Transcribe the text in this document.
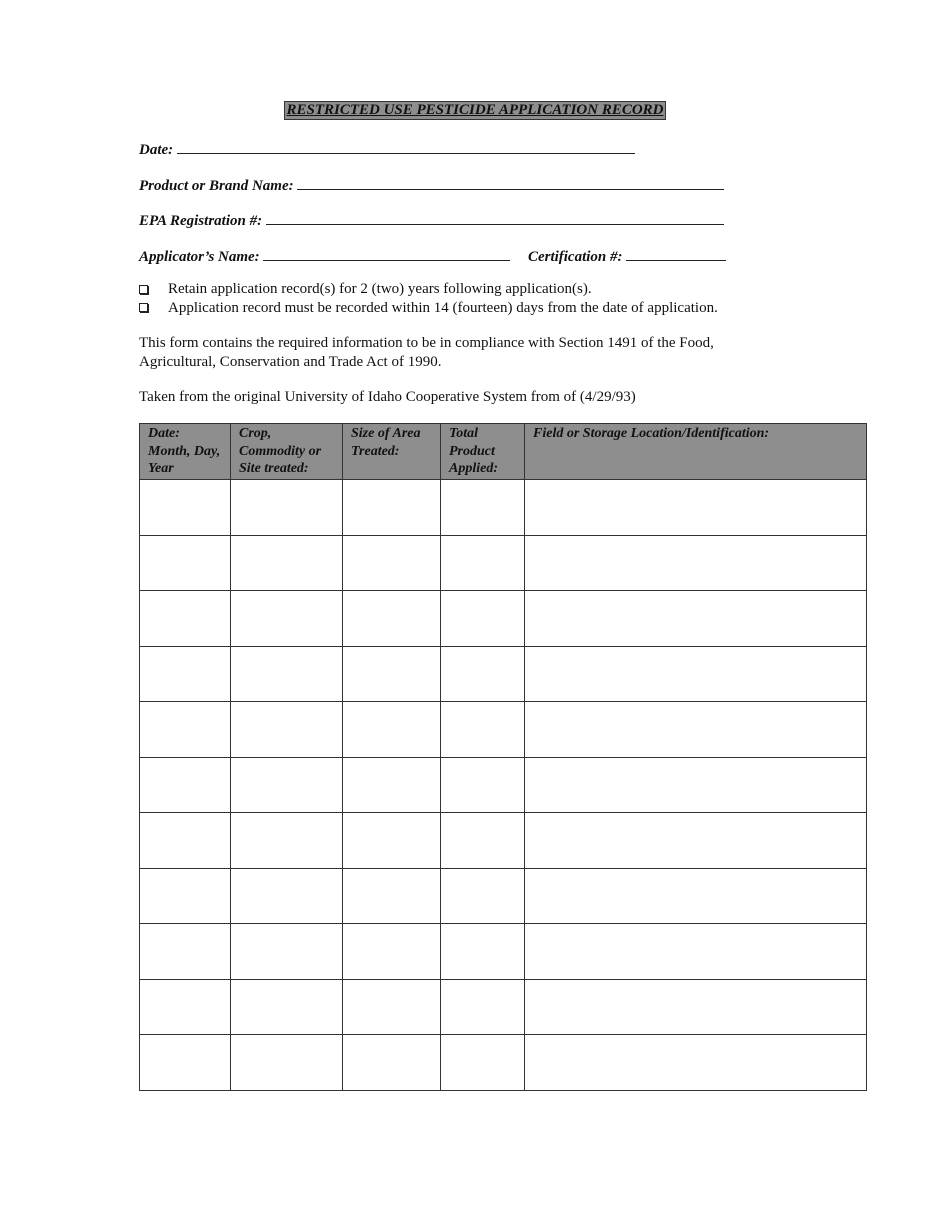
RESTRICTED USE PESTICIDE APPLICATION RECORD
Date:
Product or Brand Name:
EPA Registration #:
Applicator’s Name:	Certification #:
Retain application record(s) for 2 (two) years following application(s).
Application record must be recorded within 14 (fourteen) days from the date of application.
This form contains the required information to be in compliance with Section 1491 of the Food, Agricultural, Conservation and Trade Act of 1990.
Taken from the original University of Idaho Cooperative System from of (4/29/93)
Date: Month, Day, Year	Crop, Commodity or Site treated:	Size of Area Treated:	Total Product Applied:	Field or Storage Location/Identification:
